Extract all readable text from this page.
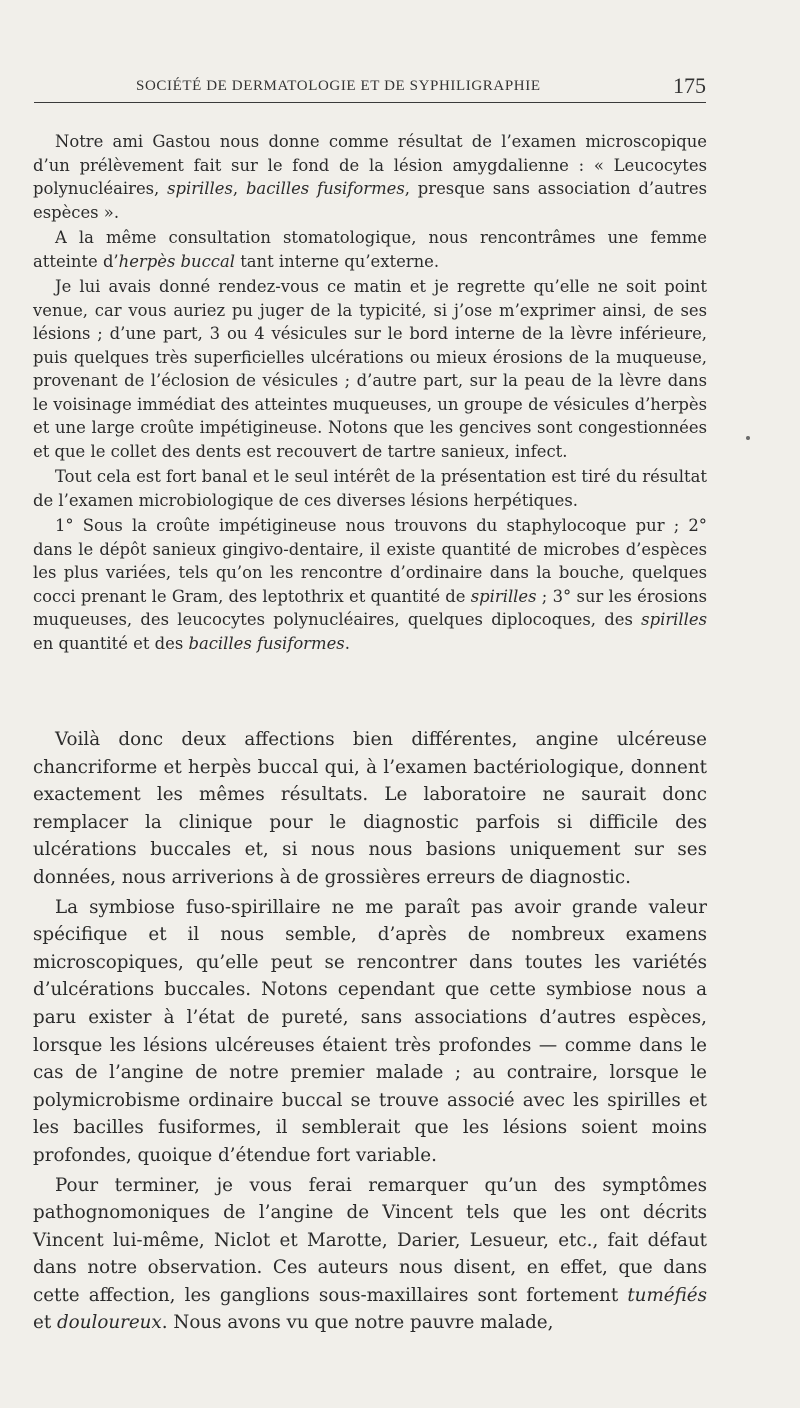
SOCIÉTÉ DE DERMATOLOGIE ET DE SYPHILIGRAPHIE	175

Notre ami Gastou nous donne comme résultat de l’examen microscopique d’un prélèvement fait sur le fond de la lésion amygdalienne : « Leucocytes polynucléaires, spirilles, bacilles fusiformes, presque sans association d’autres espèces ».

A la même consultation stomatologique, nous rencontrâmes une femme atteinte d’herpès buccal tant interne qu’externe.

Je lui avais donné rendez-vous ce matin et je regrette qu’elle ne soit point venue, car vous auriez pu juger de la typicité, si j’ose m’exprimer ainsi, de ses lésions ; d’une part, 3 ou 4 vésicules sur le bord interne de la lèvre inférieure, puis quelques très superficielles ulcérations ou mieux érosions de la muqueuse, provenant de l’éclosion de vésicules ; d’autre part, sur la peau de la lèvre dans le voisinage immédiat des atteintes muqueuses, un groupe de vésicules d’herpès et une large croûte impétigineuse. Notons que les gencives sont congestionnées et que le collet des dents est recouvert de tartre sanieux, infect.

Tout cela est fort banal et le seul intérêt de la présentation est tiré du résultat de l’examen microbiologique de ces diverses lésions herpétiques.

1° Sous la croûte impétigineuse nous trouvons du staphylocoque pur ; 2° dans le dépôt sanieux gingivo-dentaire, il existe quantité de microbes d’espèces les plus variées, tels qu’on les rencontre d’ordinaire dans la bouche, quelques cocci prenant le Gram, des leptothrix et quantité de spirilles ; 3° sur les érosions muqueuses, des leucocytes polynucléaires, quelques diplocoques, des spirilles en quantité et des bacilles fusiformes.

Voilà donc deux affections bien différentes, angine ulcéreuse chancriforme et herpès buccal qui, à l’examen bactériologique, donnent exactement les mêmes résultats. Le laboratoire ne saurait donc remplacer la clinique pour le diagnostic parfois si difficile des ulcérations buccales et, si nous nous basions uniquement sur ses données, nous arriverions à de grossières erreurs de diagnostic.

La symbiose fuso-spirillaire ne me paraît pas avoir grande valeur spécifique et il nous semble, d’après de nombreux examens microscopiques, qu’elle peut se rencontrer dans toutes les variétés d’ulcérations buccales. Notons cependant que cette symbiose nous a paru exister à l’état de pureté, sans associations d’autres espèces, lorsque les lésions ulcéreuses étaient très profondes — comme dans le cas de l’angine de notre premier malade ; au contraire, lorsque le polymicrobisme ordinaire buccal se trouve associé avec les spirilles et les bacilles fusiformes, il semblerait que les lésions soient moins profondes, quoique d’étendue fort variable.

Pour terminer, je vous ferai remarquer qu’un des symptômes pathognomoniques de l’angine de Vincent tels que les ont décrits Vincent lui-même, Niclot et Marotte, Darier, Lesueur, etc., fait défaut dans notre observation. Ces auteurs nous disent, en effet, que dans cette affection, les ganglions sous-maxillaires sont fortement tuméfiés et douloureux. Nous avons vu que notre pauvre malade,
